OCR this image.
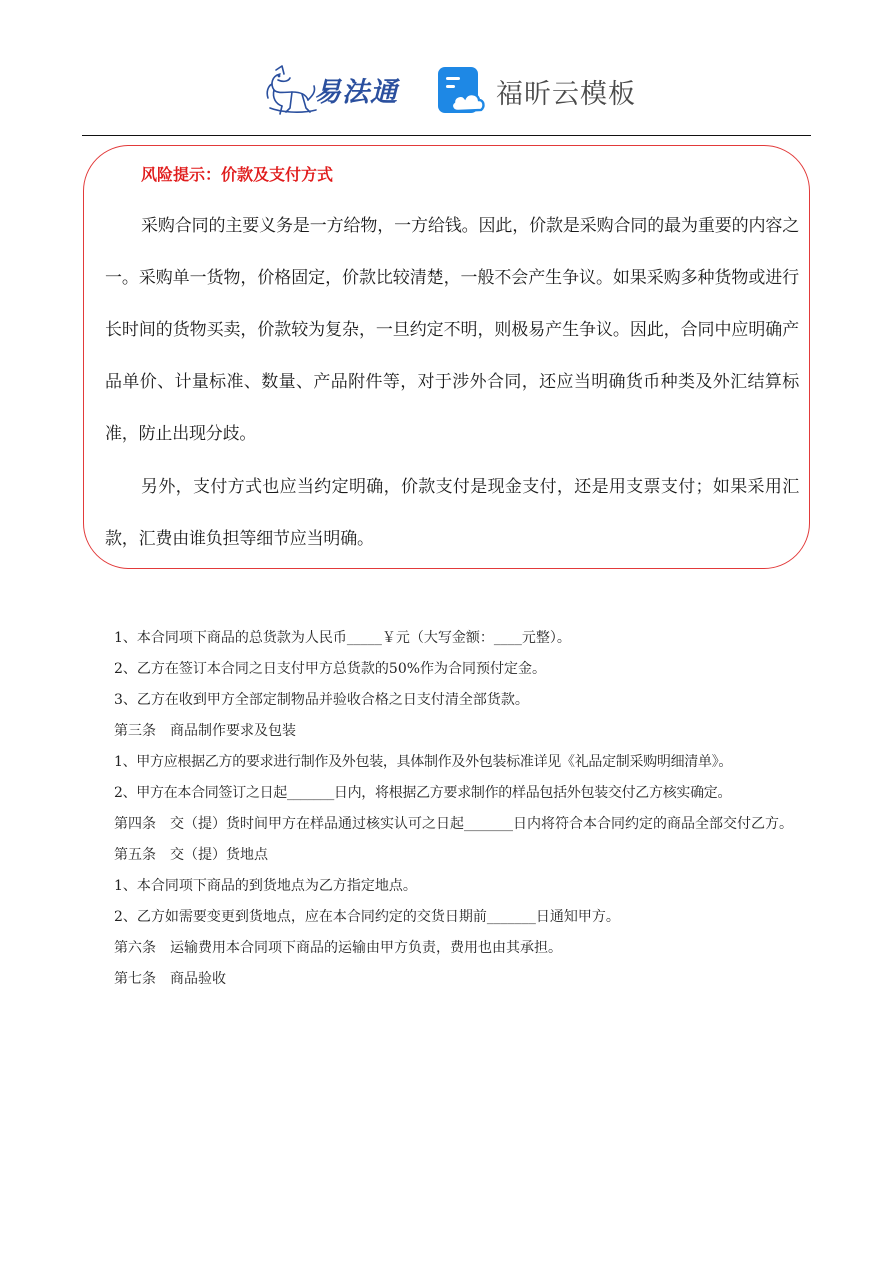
易法通	福昕云模板
风险提示：价款及支付方式

采购合同的主要义务是一方给物，一方给钱。因此，价款是采购合同的最为重要的内容之一。采购单一货物，价格固定，价款比较清楚，一般不会产生争议。如果采购多种货物或进行长时间的货物买卖，价款较为复杂，一旦约定不明，则极易产生争议。因此，合同中应明确产品单价、计量标准、数量、产品附件等，对于涉外合同，还应当明确货币种类及外汇结算标准，防止出现分歧。

另外，支付方式也应当约定明确，价款支付是现金支付，还是用支票支付；如果采用汇款，汇费由谁负担等细节应当明确。

1、本合同项下商品的总货款为人民币_____￥元（大写金额：____元整）。

2、乙方在签订本合同之日支付甲方总货款的50%作为合同预付定金。

3、乙方在收到甲方全部定制物品并验收合格之日支付清全部货款。

第三条　商品制作要求及包装

1、甲方应根据乙方的要求进行制作及外包装，具体制作及外包装标准详见《礼品定制采购明细清单》。

2、甲方在本合同签订之日起_______日内，将根据乙方要求制作的样品包括外包装交付乙方核实确定。

第四条　交（提）货时间甲方在样品通过核实认可之日起_______日内将符合本合同约定的商品全部交付乙方。

第五条　交（提）货地点

1、本合同项下商品的到货地点为乙方指定地点。

2、乙方如需要变更到货地点，应在本合同约定的交货日期前_______日通知甲方。

第六条　运输费用本合同项下商品的运输由甲方负责，费用也由其承担。

第七条　商品验收
